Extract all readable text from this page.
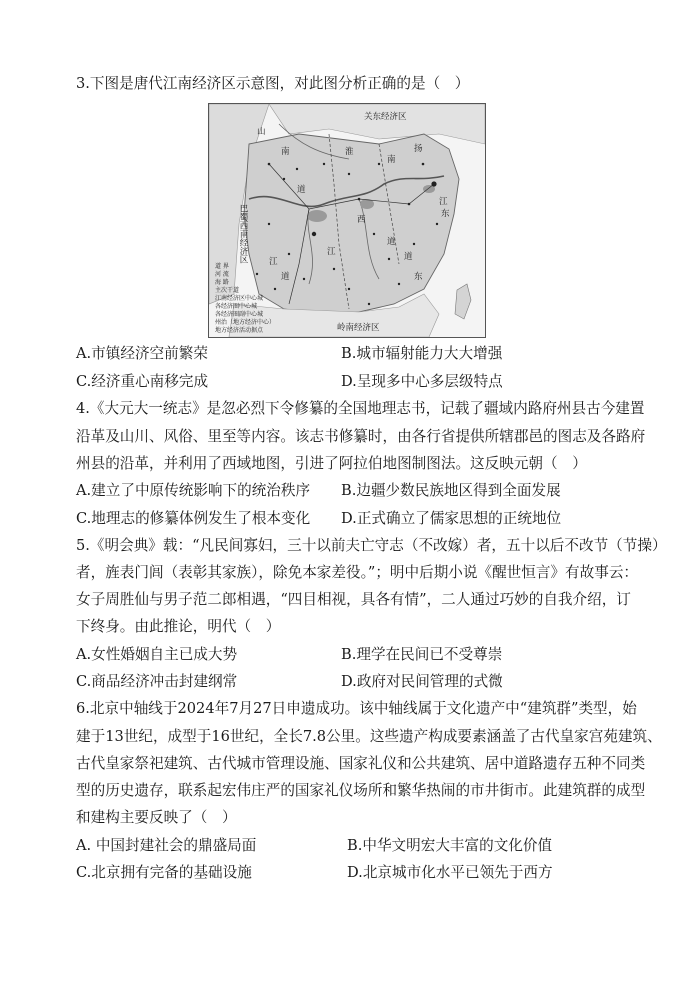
3.下图是唐代江南经济区示意图，对此图分析正确的是（　）
关东经济区
山
南
道
淮
南
扬
江
西
道
江
东
江
东
道
道
岭南经济区
巴蜀西南经济区
道 界
河 流
海 路
主次干道
江南经济区中心城
各经济圈中心城
各经济圈副中心城
州治（地方经济中心）
地方经济活动据点
A.市镇经济空前繁荣	B.城市辐射能力大大增强
C.经济重心南移完成	D.呈现多中心多层级特点
4.《大元大一统志》是忽必烈下令修纂的全国地理志书，记载了疆域内路府州县古今建置
沿革及山川、风俗、里至等内容。该志书修纂时，由各行省提供所辖郡邑的图志及各路府
州县的沿革，并利用了西域地图，引进了阿拉伯地图制图法。这反映元朝（　）
A.建立了中原传统影响下的统治秩序 B.边疆少数民族地区得到全面发展
C.地理志的修纂体例发生了根本变化 D.正式确立了儒家思想的正统地位
5.《明会典》载：“凡民间寡妇，三十以前夫亡守志（不改嫁）者，五十以后不改节（节操）
者，旌表门闾（表彰其家族），除免本家差役。”；明中后期小说《醒世恒言》有故事云：
女子周胜仙与男子范二郎相遇，“四目相视，具各有情”，二人通过巧妙的自我介绍，订
下终身。由此推论，明代（　）
A.女性婚姻自主已成大势	B.理学在民间已不受尊崇
C.商品经济冲击封建纲常	D.政府对民间管理的式微
6.北京中轴线于2024年7月27日申遗成功。该中轴线属于文化遗产中“建筑群”类型，始
建于13世纪，成型于16世纪，全长7.8公里。这些遗产构成要素涵盖了古代皇家宫苑建筑、
古代皇家祭祀建筑、古代城市管理设施、国家礼仪和公共建筑、居中道路遗存五种不同类
型的历史遗存，联系起宏伟庄严的国家礼仪场所和繁华热闹的市井街市。此建筑群的成型
和建构主要反映了（　）
A. 中国封建社会的鼎盛局面	B.中华文明宏大丰富的文化价值
C.北京拥有完备的基础设施	D.北京城市化水平已领先于西方
